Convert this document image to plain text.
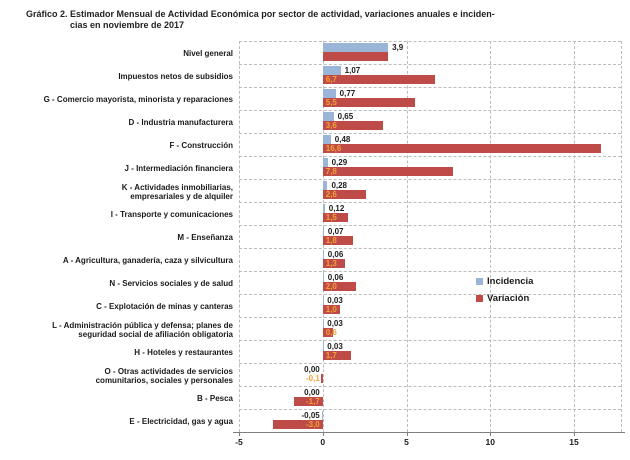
Gráfico 2. Estimador Mensual de Actividad Económica por sector de actividad, variaciones anuales e inciden-
cias en noviembre de 2017
Nivel general
3,9
Impuestos netos de subsidios
1,07
6,7
G - Comercio mayorista, minorista y reparaciones
0,77
5,5
D - Industria manufacturera
0,65
3,6
F - Construcción
0,48
16,6
J - Intermediación financiera
0,29
7,8
K - Actividades inmobiliarias,
empresariales y de alquiler
0,28
2,6
I - Transporte y comunicaciones
0,12
1,5
M - Enseñanza
0,07
1,8
A - Agricultura, ganadería, caza y silvicultura
0,06
1,3
N - Servicios sociales y de salud
0,06
2,0
C - Explotación de minas y canteras
0,03
1,0
L - Administración pública y defensa; planes de
seguridad social de afiliación obligatoria
0,03
0,6
H - Hoteles y restaurantes
0,03
1,7
O - Otras actividades de servicios
comunitarios, sociales y personales
0,00
-0,1
B - Pesca
0,00
-1,7
E - Electricidad, gas y agua
-0,05
-3,0
-5	0	5	10	15
Incidencia
Variación
